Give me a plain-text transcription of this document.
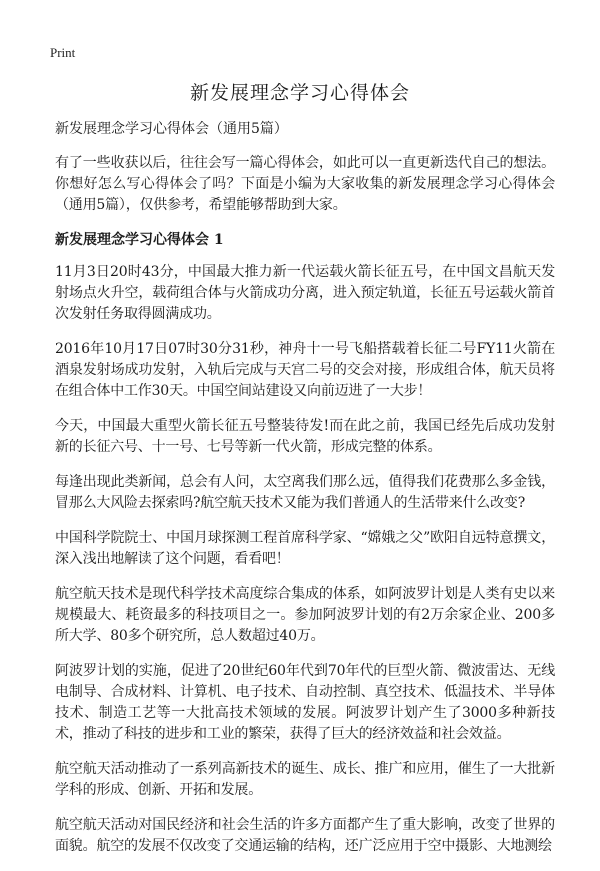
Print
新发展理念学习心得体会

新发展理念学习心得体会（通用5篇）

有了一些收获以后，往往会写一篇心得体会，如此可以一直更新迭代自己的想法。你想好怎么写心得体会了吗？下面是小编为大家收集的新发展理念学习心得体会（通用5篇），仅供参考，希望能够帮助到大家。

新发展理念学习心得体会 1

11月3日20时43分，中国最大推力新一代运载火箭长征五号，在中国文昌航天发射场点火升空，载荷组合体与火箭成功分离，进入预定轨道，长征五号运载火箭首次发射任务取得圆满成功。

2016年10月17日07时30分31秒，神舟十一号飞船搭载着长征二号FY11火箭在酒泉发射场成功发射，入轨后完成与天宫二号的交会对接，形成组合体，航天员将在组合体中工作30天。中国空间站建设又向前迈进了一大步！

今天，中国最大重型火箭长征五号整装待发!而在此之前，我国已经先后成功发射新的长征六号、十一号、七号等新一代火箭，形成完整的体系。

每逢出现此类新闻，总会有人问，太空离我们那么远，值得我们花费那么多金钱，冒那么大风险去探索吗?航空航天技术又能为我们普通人的生活带来什么改变?

中国科学院院士、中国月球探测工程首席科学家、“嫦娥之父”欧阳自远特意撰文，深入浅出地解读了这个问题，看看吧！

航空航天技术是现代科学技术高度综合集成的体系，如阿波罗计划是人类有史以来规模最大、耗资最多的科技项目之一。参加阿波罗计划的有2万余家企业、200多所大学、80多个研究所，总人数超过40万。

阿波罗计划的实施，促进了20世纪60年代到70年代的巨型火箭、微波雷达、无线电制导、合成材料、计算机、电子技术、自动控制、真空技术、低温技术、半导体技术、制造工艺等一大批高技术领域的发展。阿波罗计划产生了3000多种新技术，推动了科技的进步和工业的繁荣，获得了巨大的经济效益和社会效益。

航空航天活动推动了一系列高新技术的诞生、成长、推广和应用，催生了一大批新学科的形成、创新、开拓和发展。

航空航天活动对国民经济和社会生活的许多方面都产生了重大影响，改变了世界的面貌。航空的发展不仅改变了交通运输的结构，还广泛应用于空中摄影、大地测绘
